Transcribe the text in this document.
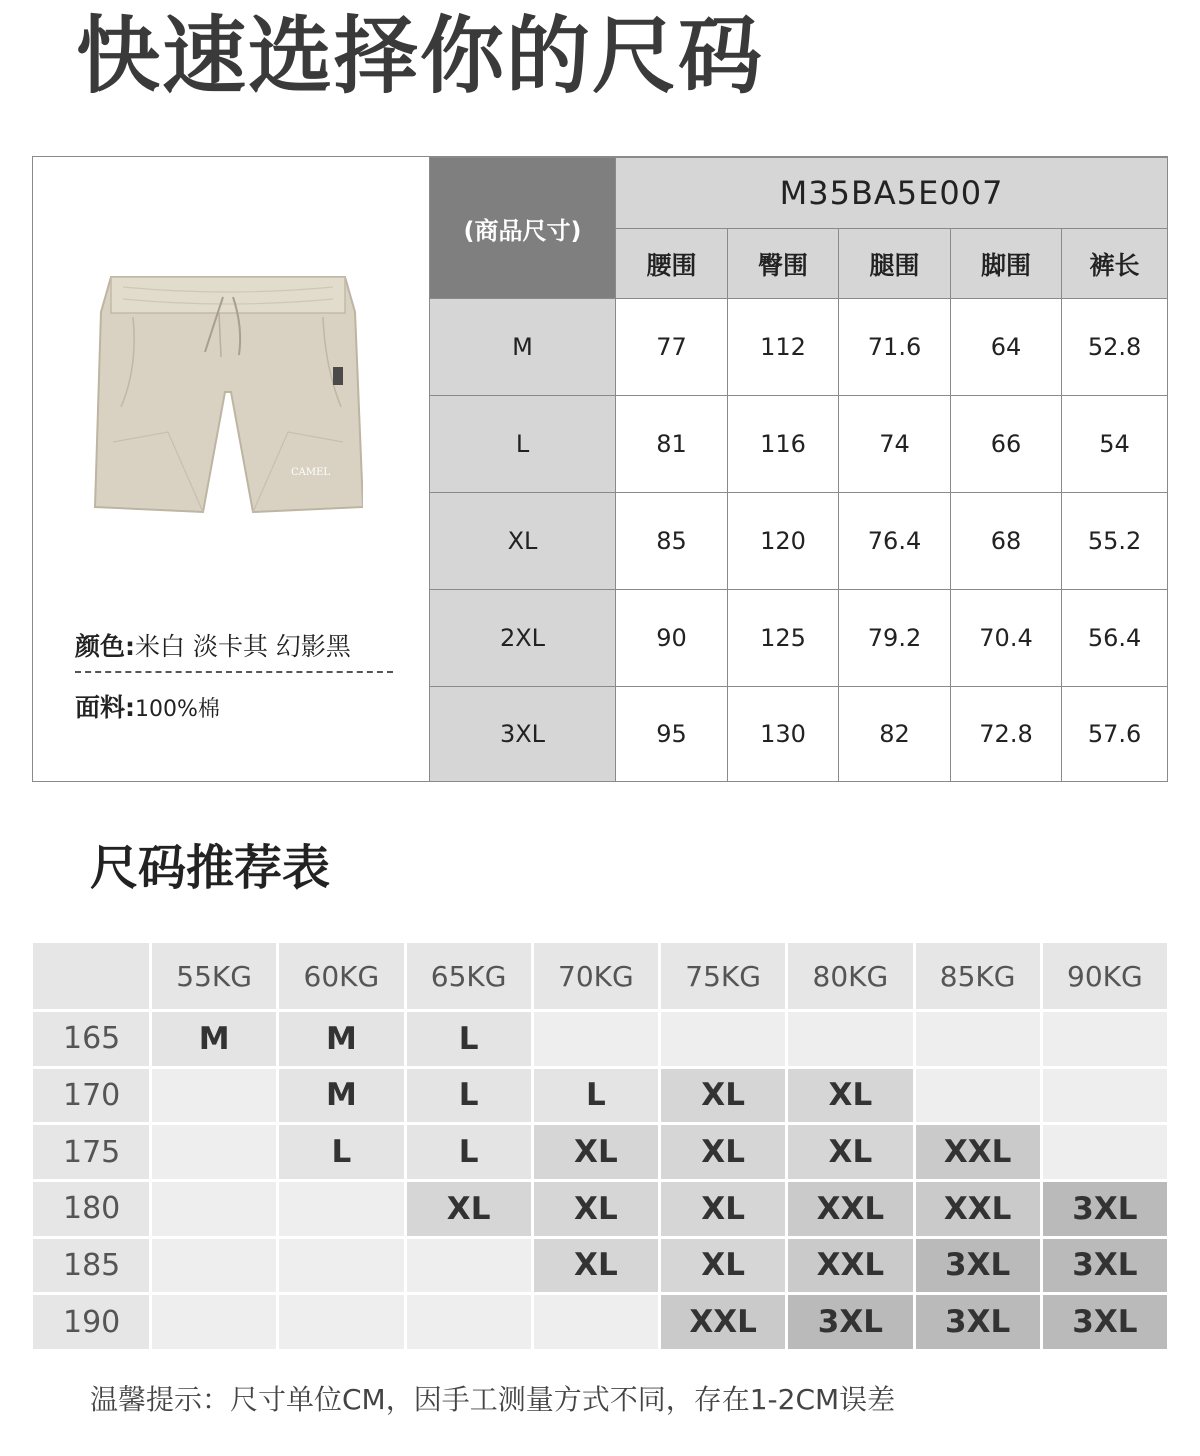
快速选择你的尺码
CAMEL
颜色:米白 淡卡其 幻影黑
面料:100%棉
(商品尺寸)	M35BA5E007				
	腰围	臀围	腿围	脚围	裤长
M	77	112	71.6	64	52.8
L	81	116	74	66	54
XL	85	120	76.4	68	55.2
2XL	90	125	79.2	70.4	56.4
3XL	95	130	82	72.8	57.6
尺码推荐表
	55KG	60KG	65KG	70KG	75KG	80KG	85KG	90KG
165	M	M	L					
170		M	L	L	XL	XL		
175		L	L	XL	XL	XL	XXL	
180			XL	XL	XL	XXL	XXL	3XL
185				XL	XL	XXL	3XL	3XL
190					XXL	3XL	3XL	3XL
温馨提示：尺寸单位CM，因手工测量方式不同，存在1-2CM误差
